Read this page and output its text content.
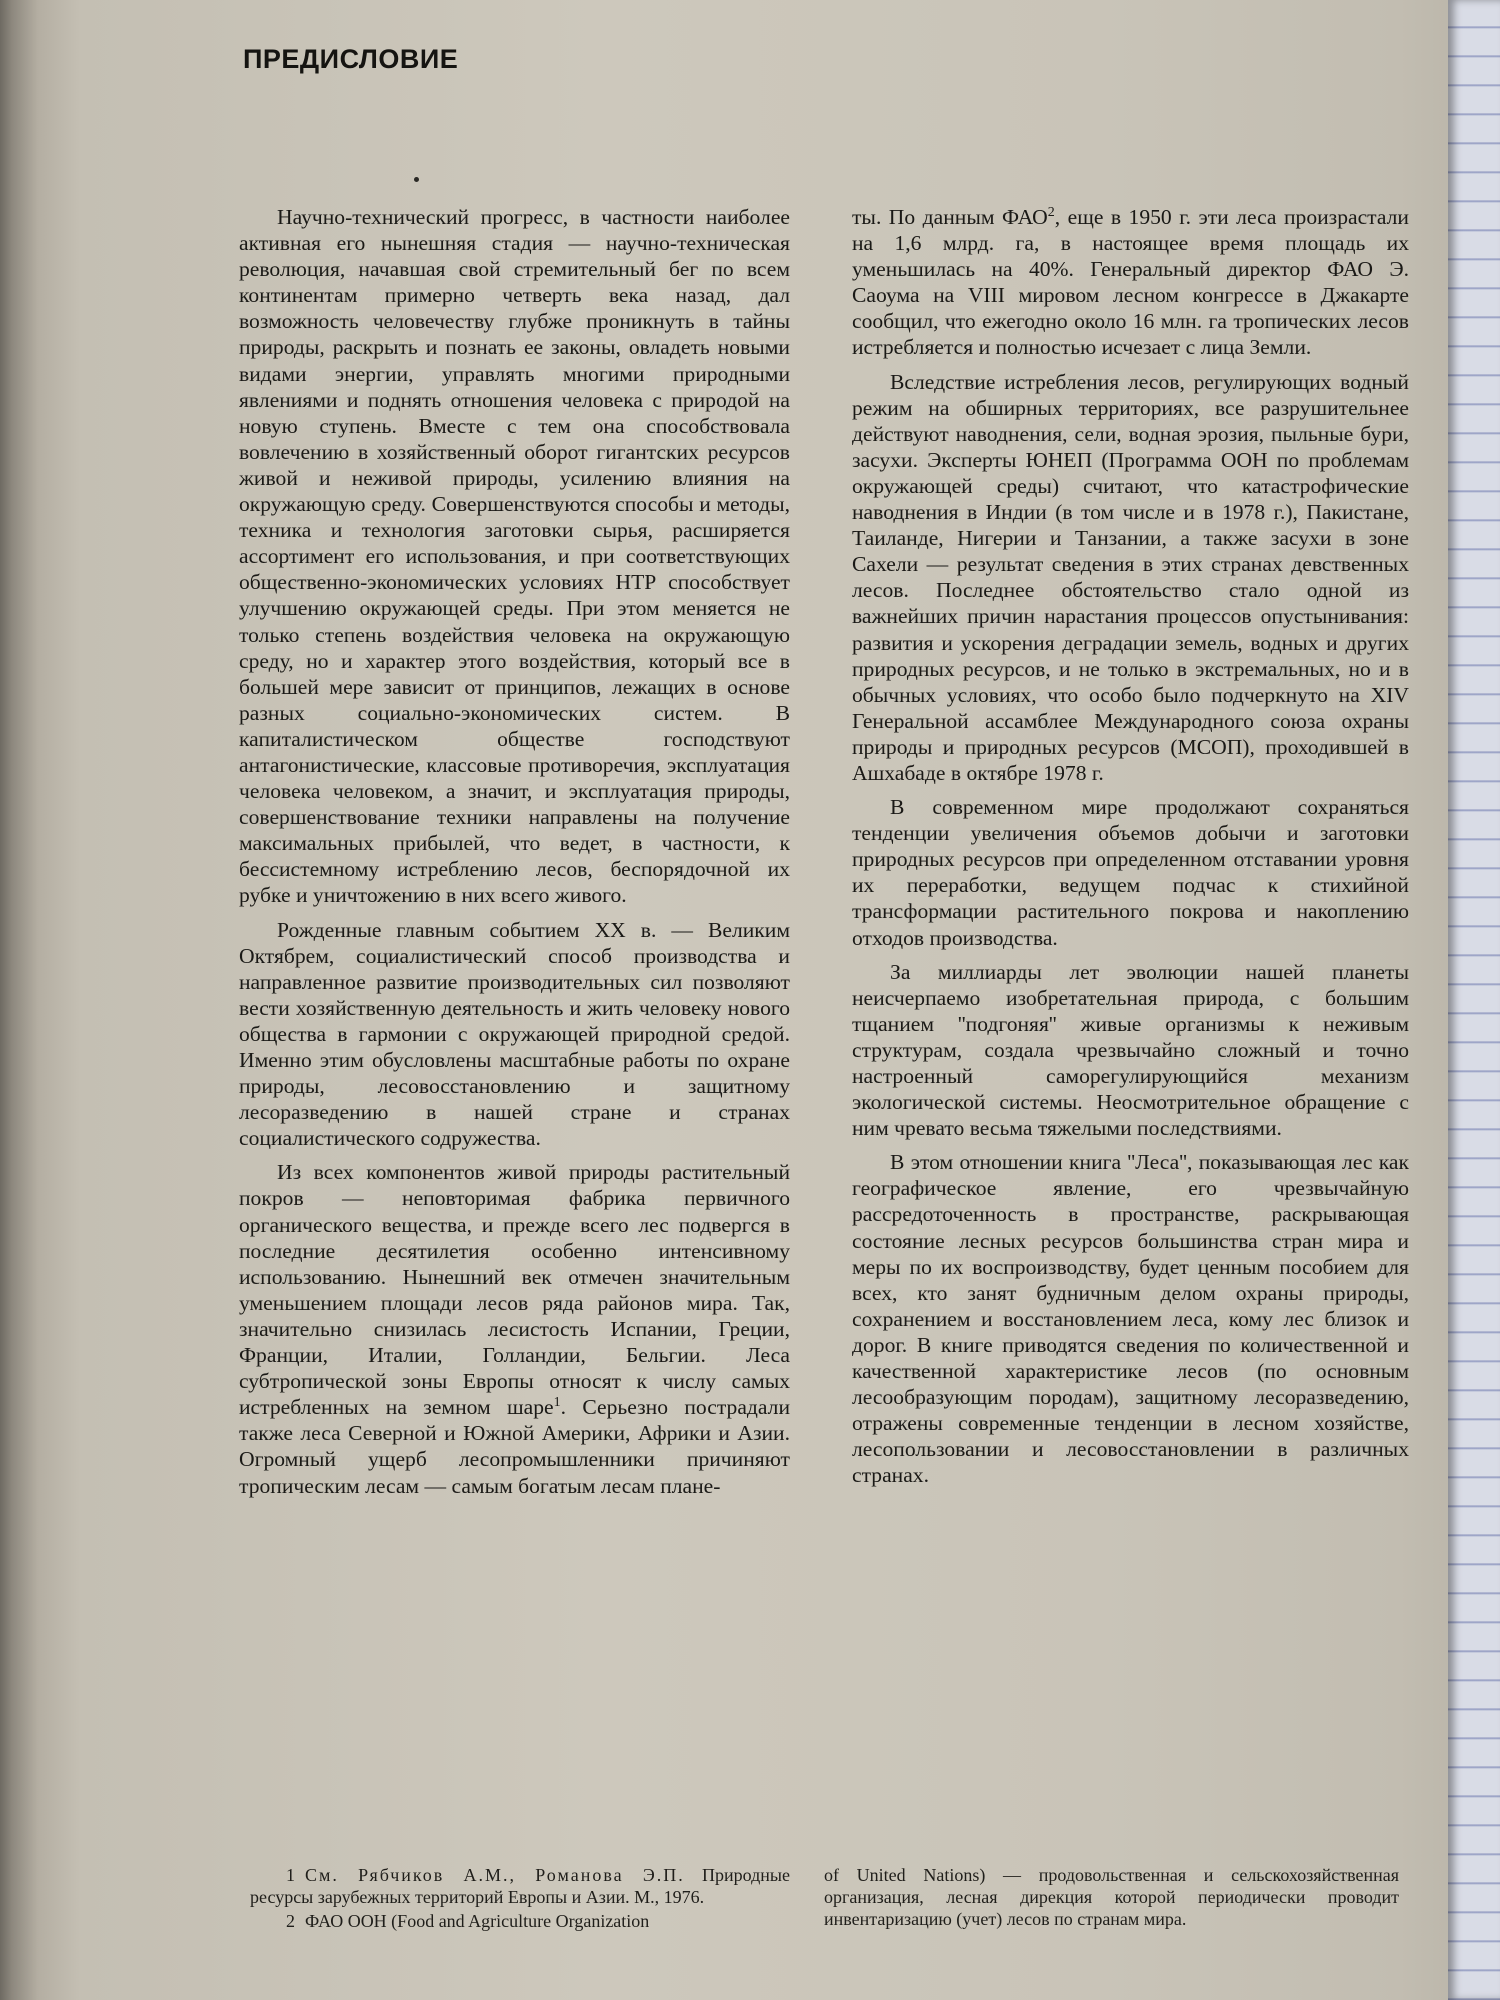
ПРЕДИСЛОВИЕ

Научно-технический прогресс, в частности наиболее активная его нынешняя стадия — научно-техническая революция, начавшая свой стремительный бег по всем континентам примерно четверть века назад, дал возможность человечеству глубже проникнуть в тайны природы, раскрыть и познать ее законы, овладеть новыми видами энергии, управлять многими природными явлениями и поднять отношения человека с природой на новую ступень. Вместе с тем она способствовала вовлечению в хозяйственный оборот гигантских ресурсов живой и неживой природы, усилению влияния на окружающую среду. Совершенствуются способы и методы, техника и технология заготовки сырья, расширяется ассортимент его использования, и при соответствующих общественно-экономических условиях НТР способствует улучшению окружающей среды. При этом меняется не только степень воздействия человека на окружающую среду, но и характер этого воздействия, который все в большей мере зависит от принципов, лежащих в основе разных социально-экономических систем. В капиталистическом обществе господствуют антагонистические, классовые противоречия, эксплуатация человека человеком, а значит, и эксплуатация природы, совершенствование техники направлены на получение максимальных прибылей, что ведет, в частности, к бессистемному истреблению лесов, беспорядочной их рубке и уничтожению в них всего живого.

Рожденные главным событием XX в. — Великим Октябрем, социалистический способ производства и направленное развитие производительных сил позволяют вести хозяйственную деятельность и жить человеку нового общества в гармонии с окружающей природной средой. Именно этим обусловлены масштабные работы по охране природы, лесовосстановлению и защитному лесоразведению в нашей стране и странах социалистического содружества.

Из всех компонентов живой природы растительный покров — неповторимая фабрика первичного органического вещества, и прежде всего лес подвергся в последние десятилетия особенно интенсивному использованию. Нынешний век отмечен значительным уменьшением площади лесов ряда районов мира. Так, значительно снизилась лесистость Испании, Греции, Франции, Италии, Голландии, Бельгии. Леса субтропической зоны Европы относят к числу самых истребленных на земном шаре$^1$. Серьезно пострадали также леса Северной и Южной Америки, Африки и Азии. Огромный ущерб лесопромышленники причиняют тропическим лесам — самым богатым лесам плане-

ты. По данным ФАО$^2$, еще в 1950 г. эти леса произрастали на 1,6 млрд. га, в настоящее время площадь их уменьшилась на 40%. Генеральный директор ФАО Э. Саоума на VIII мировом лесном конгрессе в Джакарте сообщил, что ежегодно около 16 млн. га тропических лесов истребляется и полностью исчезает с лица Земли.

Вследствие истребления лесов, регулирующих водный режим на обширных территориях, все разрушительнее действуют наводнения, сели, водная эрозия, пыльные бури, засухи. Эксперты ЮНЕП (Программа ООН по проблемам окружающей среды) считают, что катастрофические наводнения в Индии (в том числе и в 1978 г.), Пакистане, Таиланде, Нигерии и Танзании, а также засухи в зоне Сахели — результат сведения в этих странах девственных лесов. Последнее обстоятельство стало одной из важнейших причин нарастания процессов опустынивания: развития и ускорения деградации земель, водных и других природных ресурсов, и не только в экстремальных, но и в обычных условиях, что особо было подчеркнуто на XIV Генеральной ассамблее Международного союза охраны природы и природных ресурсов (МСОП), проходившей в Ашхабаде в октябре 1978 г.

В современном мире продолжают сохраняться тенденции увеличения объемов добычи и заготовки природных ресурсов при определенном отставании уровня их переработки, ведущем подчас к стихийной трансформации растительного покрова и накоплению отходов производства.

За миллиарды лет эволюции нашей планеты неисчерпаемо изобретательная природа, с большим тщанием ''подгоняя'' живые организмы к неживым структурам, создала чрезвычайно сложный и точно настроенный саморегулирующийся механизм экологической системы. Неосмотрительное обращение с ним чревато весьма тяжелыми последствиями.

В этом отношении книга ''Леса'', показывающая лес как географическое явление, его чрезвычайную рассредоточенность в пространстве, раскрывающая состояние лесных ресурсов большинства стран мира и меры по их воспроизводству, будет ценным пособием для всех, кто занят будничным делом охраны природы, сохранением и восстановлением леса, кому лес близок и дорог. В книге приводятся сведения по количественной и качественной характеристике лесов (по основным лесообразующим породам), защитному лесоразведению, отражены современные тенденции в лесном хозяйстве, лесопользовании и лесовосстановлении в различных странах.

1 См. Рябчиков А.М., Романова Э.П. Природные ресурсы зарубежных территорий Европы и Азии. М., 1976.

2 ФАО ООН (Food and Agriculture Organization

of United Nations) — продовольственная и сельскохозяйственная организация, лесная дирекция которой периодически проводит инвентаризацию (учет) лесов по странам мира.
